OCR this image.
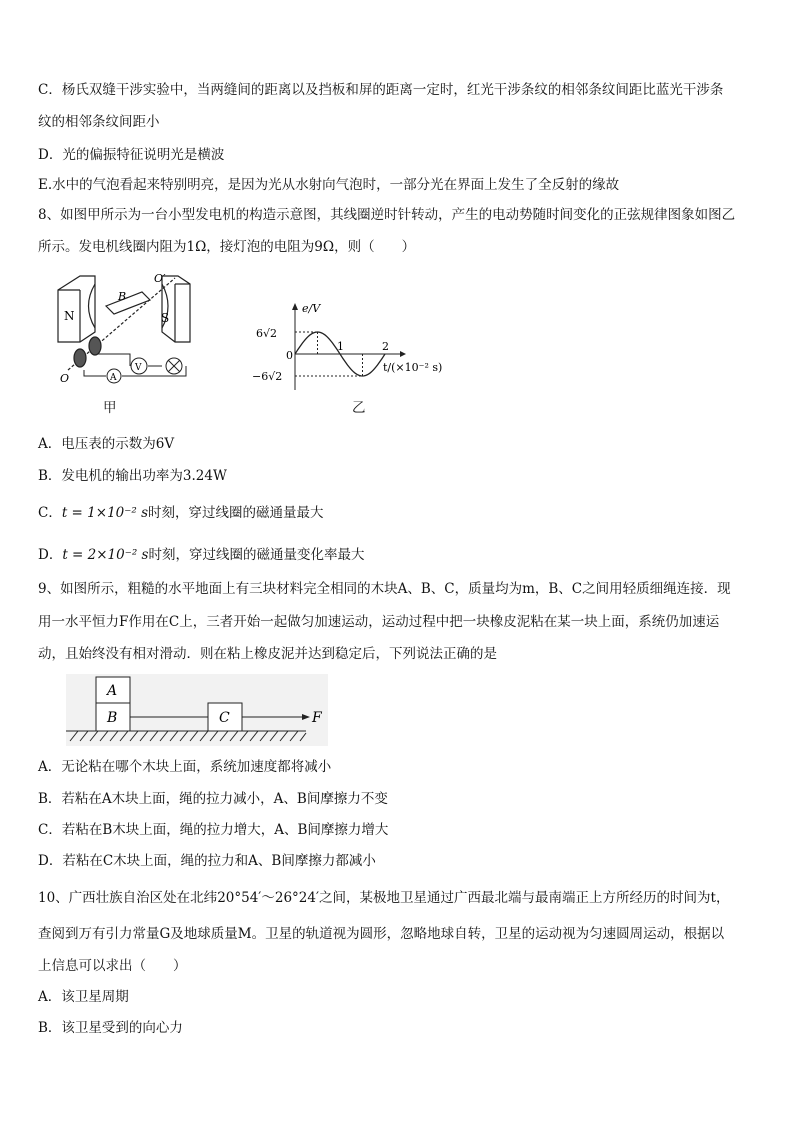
C．杨氏双缝干涉实验中，当两缝间的距离以及挡板和屏的距离一定时，红光干涉条纹的相邻条纹间距比蓝光干涉条
纹的相邻条纹间距小
D．光的偏振特征说明光是横波
E.水中的气泡看起来特别明亮，是因为光从水射向气泡时，一部分光在界面上发生了全反射的缘故
8、如图甲所示为一台小型发电机的构造示意图，其线圈逆时针转动，产生的电动势随时间变化的正弦规律图象如图乙
所示。发电机线圈内阻为1Ω，接灯泡的电阻为9Ω，则（　　）
N	S
B
O′
O	A
V
甲
e/V
6√2
0
−6√2
1	2
t/(×10⁻² s)
乙
A．电压表的示数为6V
B．发电机的输出功率为3.24W
C．t = 1×10⁻² s时刻，穿过线圈的磁通量最大
D．t = 2×10⁻² s时刻，穿过线圈的磁通量变化率最大
9、如图所示，粗糙的水平地面上有三块材料完全相同的木块A、B、C，质量均为m，B、C之间用轻质细绳连接．现
用一水平恒力F作用在C上，三者开始一起做匀加速运动，运动过程中把一块橡皮泥粘在某一块上面，系统仍加速运
动，且始终没有相对滑动．则在粘上橡皮泥并达到稳定后，下列说法正确的是
A
B	C	F
A．无论粘在哪个木块上面，系统加速度都将减小
B．若粘在A木块上面，绳的拉力减小，A、B间摩擦力不变
C．若粘在B木块上面，绳的拉力增大，A、B间摩擦力增大
D．若粘在C木块上面，绳的拉力和A、B间摩擦力都减小
10、广西壮族自治区处在北纬20°54′～26°24′之间，某极地卫星通过广西最北端与最南端正上方所经历的时间为t，
查阅到万有引力常量G及地球质量M。卫星的轨道视为圆形，忽略地球自转，卫星的运动视为匀速圆周运动，根据以
上信息可以求出（　　）
A．该卫星周期
B．该卫星受到的向心力
